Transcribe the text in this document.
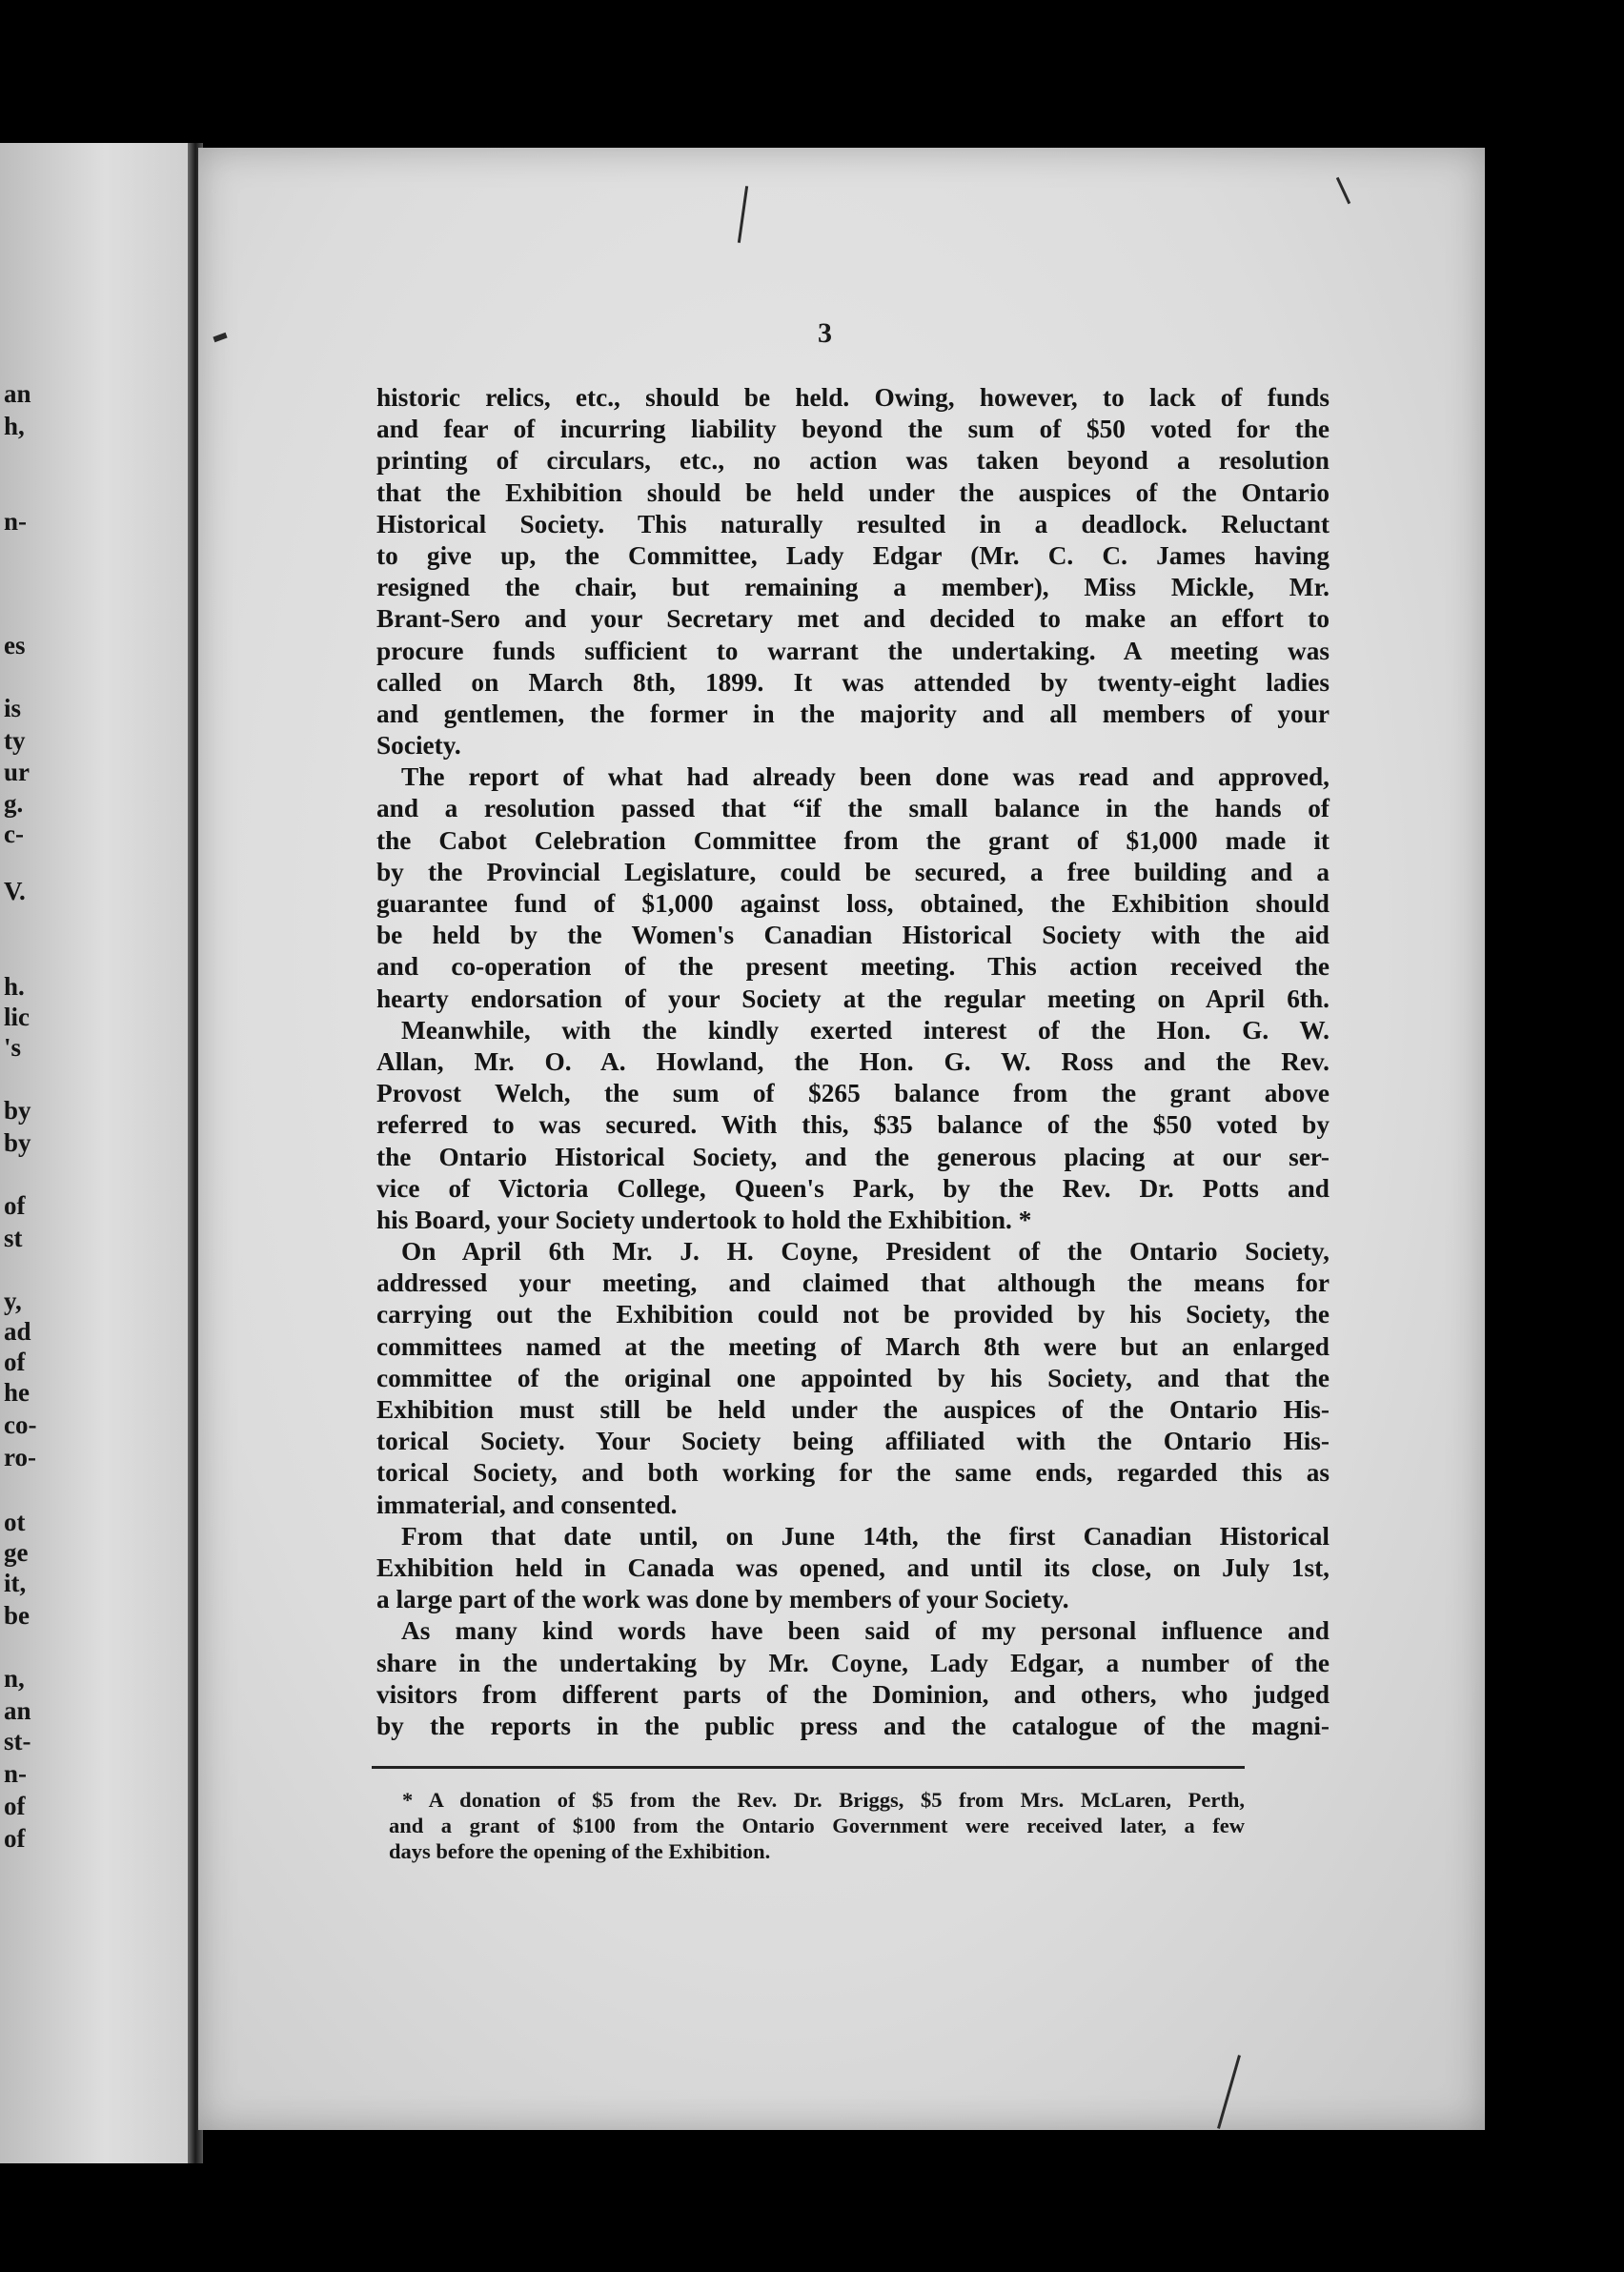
an
h,
n-
es
is
ty
ur
g.
c-
V.
h.
lic
's
by
by
of
st
y,
ad
of
he
co-
ro-
ot
ge
it,
be
n,
an
st-
n-
of
of
3
historic relics, etc., should be held. Owing, however, to lack of funds
and fear of incurring liability beyond the sum of $50 voted for the
printing of circulars, etc., no action was taken beyond a resolution
that the Exhibition should be held under the auspices of the Ontario
Historical Society. This naturally resulted in a deadlock. Reluctant
to give up, the Committee, Lady Edgar (Mr. C. C. James having
resigned the chair, but remaining a member), Miss Mickle, Mr.
Brant-Sero and your Secretary met and decided to make an effort to
procure funds sufficient to warrant the undertaking. A meeting was
called on March 8th, 1899. It was attended by twenty-eight ladies
and gentlemen, the former in the majority and all members of your
Society.
The report of what had already been done was read and approved,
and a resolution passed that “if the small balance in the hands of
the Cabot Celebration Committee from the grant of $1,000 made it
by the Provincial Legislature, could be secured, a free building and a
guarantee fund of $1,000 against loss, obtained, the Exhibition should
be held by the Women's Canadian Historical Society with the aid
and co-operation of the present meeting. This action received the
hearty endorsation of your Society at the regular meeting on April 6th.
Meanwhile, with the kindly exerted interest of the Hon. G. W.
Allan, Mr. O. A. Howland, the Hon. G. W. Ross and the Rev.
Provost Welch, the sum of $265 balance from the grant above
referred to was secured. With this, $35 balance of the $50 voted by
the Ontario Historical Society, and the generous placing at our ser-
vice of Victoria College, Queen's Park, by the Rev. Dr. Potts and
his Board, your Society undertook to hold the Exhibition. *
On April 6th Mr. J. H. Coyne, President of the Ontario Society,
addressed your meeting, and claimed that although the means for
carrying out the Exhibition could not be provided by his Society, the
committees named at the meeting of March 8th were but an enlarged
committee of the original one appointed by his Society, and that the
Exhibition must still be held under the auspices of the Ontario His-
torical Society. Your Society being affiliated with the Ontario His-
torical Society, and both working for the same ends, regarded this as
immaterial, and consented.
From that date until, on June 14th, the first Canadian Historical
Exhibition held in Canada was opened, and until its close, on July 1st,
a large part of the work was done by members of your Society.
As many kind words have been said of my personal influence and
share in the undertaking by Mr. Coyne, Lady Edgar, a number of the
visitors from different parts of the Dominion, and others, who judged
by the reports in the public press and the catalogue of the magni-
* A donation of $5 from the Rev. Dr. Briggs, $5 from Mrs. McLaren, Perth,
and a grant of $100 from the Ontario Government were received later, a few
days before the opening of the Exhibition.
